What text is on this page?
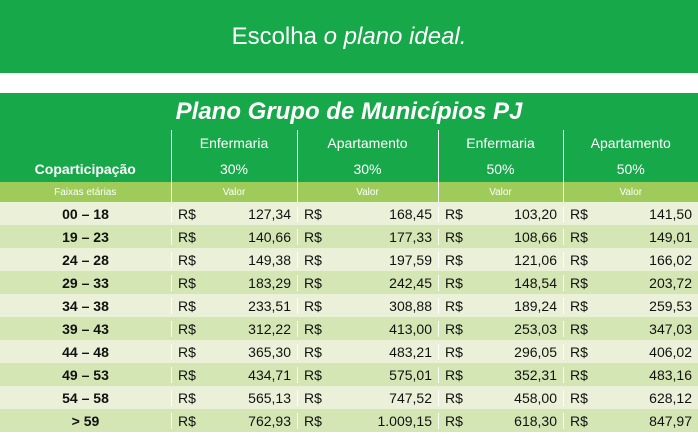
Escolha o plano ideal.
Plano Grupo de Municípios PJ
	Enfermaria	Apartamento	Enfermaria	Apartamento
Coparticipação	30%	30%	50%	50%
Faixas etárias	Valor	Valor	Valor	Valor
00 – 18	R$ 127,34	R$ 168,45	R$ 103,20	R$ 141,50

19 – 23	R$ 140,66	R$ 177,33	R$ 108,66	R$ 149,01

24 – 28	R$ 149,38	R$ 197,59	R$ 121,06	R$ 166,02

29 – 33	R$ 183,29	R$ 242,45	R$ 148,54	R$ 203,72

34 – 38	R$ 233,51	R$ 308,88	R$ 189,24	R$ 259,53

39 – 43	R$ 312,22	R$ 413,00	R$ 253,03	R$ 347,03

44 – 48	R$ 365,30	R$ 483,21	R$ 296,05	R$ 406,02

49 – 53	R$ 434,71	R$ 575,01	R$ 352,31	R$ 483,16

54 – 58	R$ 565,13	R$ 747,52	R$ 458,00	R$ 628,12

> 59	R$ 762,93	R$ 1.009,15	R$ 618,30	R$ 847,97
